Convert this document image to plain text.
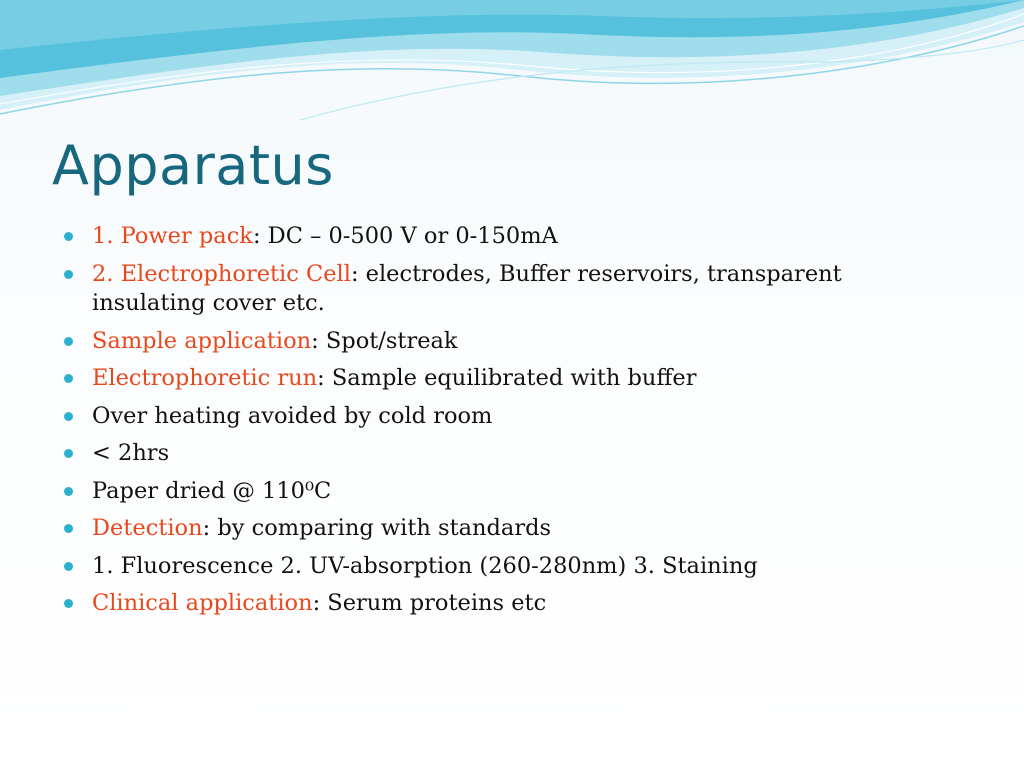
Apparatus
1. Power pack: DC – 0-500 V or 0-150mA
2. Electrophoretic Cell: electrodes, Buffer reservoirs, transparent insulating cover etc.
Sample application: Spot/streak
Electrophoretic run: Sample equilibrated with buffer
Over heating avoided by cold room
< 2hrs
Paper dried @ 110⁰C
Detection: by comparing with standards
1. Fluorescence 2. UV-absorption (260-280nm) 3. Staining
Clinical application: Serum proteins etc
